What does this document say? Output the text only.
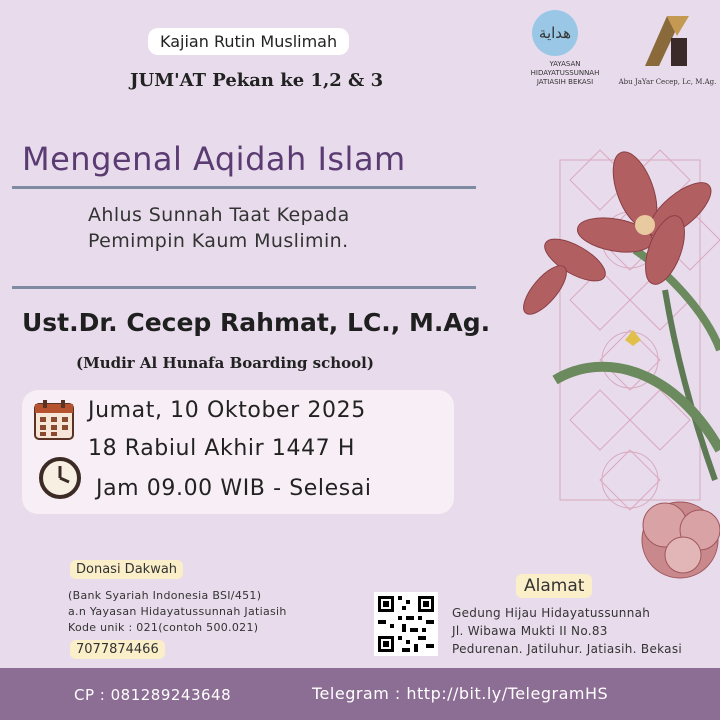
Kajian Rutin Muslimah
JUM'AT Pekan ke 1,2 & 3
هداية
YAYASAN
HIDAYATUSSUNNAH
JATIASIH BEKASI	Abu JaYar Cecep, Lc, M.Ag.
Mengenal Aqidah Islam
Ahlus Sunnah Taat Kepada
Pemimpin Kaum Muslimin.
Ust.Dr. Cecep Rahmat, LC., M.Ag.
(Mudir Al Hunafa Boarding school)
Jumat, 10 Oktober 2025
18 Rabiul Akhir 1447 H
Jam 09.00 WIB - Selesai
Donasi Dakwah
(Bank Syariah Indonesia BSI/451)
a.n Yayasan Hidayatussunnah Jatiasih
Kode unik : 021(contoh 500.021)
7077874466
Alamat
Gedung Hijau Hidayatussunnah
Jl. Wibawa Mukti II No.83
Pedurenan. Jatiluhur. Jatiasih. Bekasi
CP : 081289243648	Telegram : http://bit.ly/TelegramHS
